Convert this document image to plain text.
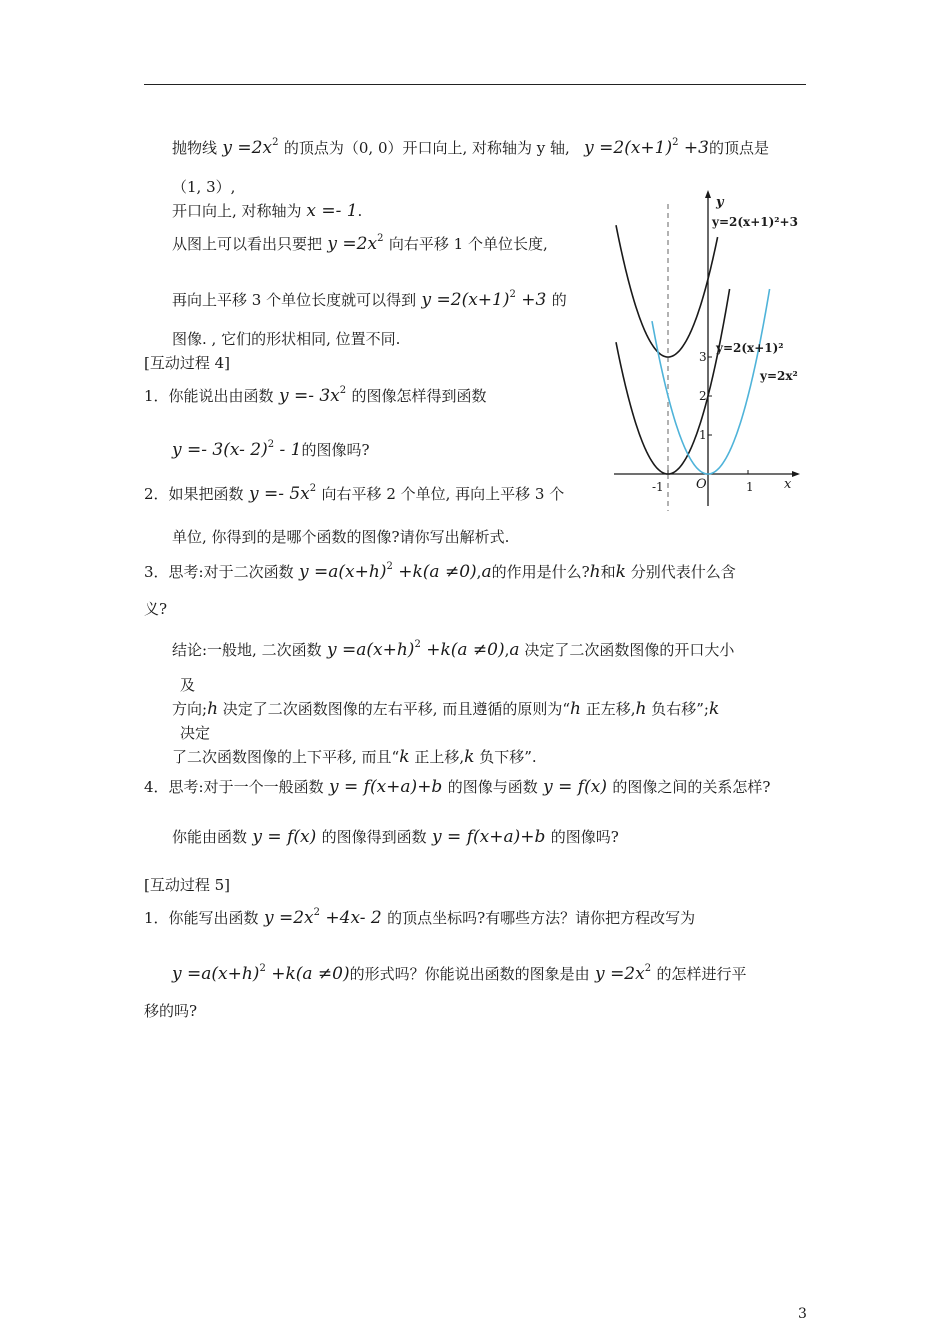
抛物线 $y =2x^2$ 的顶点为（0, 0）开口向上, 对称轴为 y 轴, $y =2(x+1)^2 +3$的顶点是
（1, 3）,
开口向上, 对称轴为 x =- 1.
从图上可以看出只要把 $y =2x^2$ 向右平移 1 个单位长度,
再向上平移 3 个单位长度就可以得到 $y =2(x+1)^2 +3$ 的
图像. , 它们的形状相同, 位置不同.
[互动过程 4]
1．你能说出由函数 $y =- 3x^2$ 的图像怎样得到函数
y =- 3(x- 2)$^2$ - 1的图像吗?
2．如果把函数 $y =- 5x^2$ 向右平移 2 个单位, 再向上平移 3 个
单位, 你得到的是哪个函数的图像?请你写出解析式.
3．思考:对于二次函数 $y =a(x+h)^2 +k(a \ne 0),a$的作用是什么?h和k 分别代表什么含
义?
结论:一般地, 二次函数 $y =a(x+h)^2 +k(a \ne 0),a$ 决定了二次函数图像的开口大小
及
方向;h 决定了二次函数图像的左右平移, 而且遵循的原则为“h 正左移,h 负右移”;k
决定
了二次函数图像的上下平移, 而且“k 正上移,k 负下移”.
4．思考:对于一个一般函数 y = f(x+a)+b 的图像与函数 y = f(x) 的图像之间的关系怎样?
你能由函数 y = f(x) 的图像得到函数 y = f(x+a)+b 的图像吗?
[互动过程 5]
1．你能写出函数 $y =2x^2 +4x-$ 2 的顶点坐标吗?有哪些方法？请你把方程改写为
$y =a(x+h)^2 +k(a \ne 0)$的形式吗？你能说出函数的图象是由 $y =2x^2$ 的怎样进行平
移的吗?
y
x
O
-1	1
1
2
3
y=2(x+1)²+3
y=2(x+1)²
y=2x²
3
